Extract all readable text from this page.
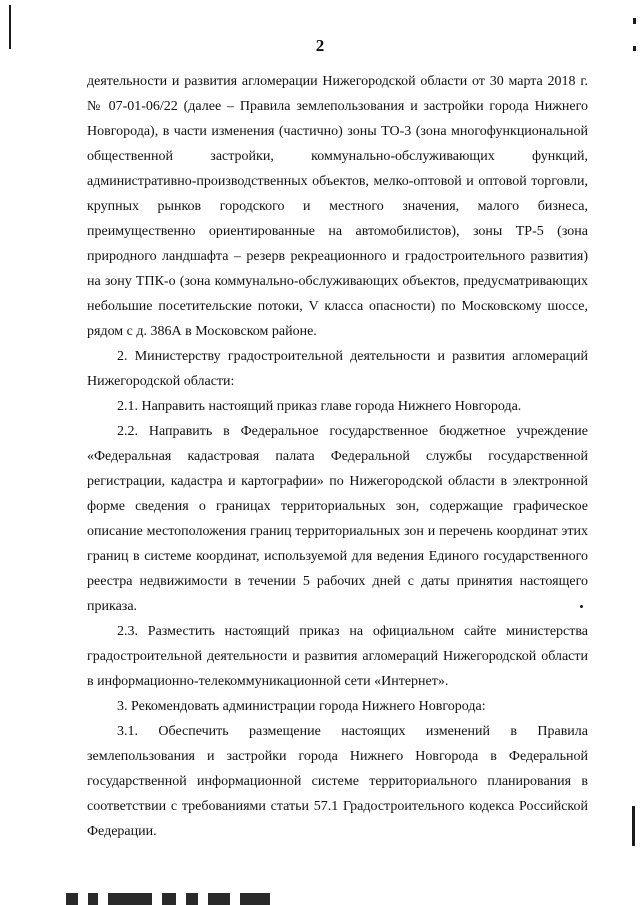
2

деятельности и развития агломерации Нижегородской области от 30 марта 2018 г. № 07-01-06/22 (далее – Правила землепользования и застройки города Нижнего Новгорода), в части изменения (частично) зоны ТО-3 (зона многофункциональной общественной застройки, коммунально-обслуживающих функций, административно-производственных объектов, мелко-оптовой и оптовой торговли, крупных рынков городского и местного значения, малого бизнеса, преимущественно ориентированные на автомобилистов), зоны ТР-5 (зона природного ландшафта – резерв рекреационного и градостроительного развития) на зону ТПК-о (зона коммунально-обслуживающих объектов, предусматривающих небольшие посетительские потоки, V класса опасности) по Московскому шоссе, рядом с д. 386А в Московском районе.

2. Министерству градостроительной деятельности и развития агломераций Нижегородской области:

2.1. Направить настоящий приказ главе города Нижнего Новгорода.

2.2. Направить в Федеральное государственное бюджетное учреждение «Федеральная кадастровая палата Федеральной службы государственной регистрации, кадастра и картографии» по Нижегородской области в электронной форме сведения о границах территориальных зон, содержащие графическое описание местоположения границ территориальных зон и перечень координат этих границ в системе координат, используемой для ведения Единого государственного реестра недвижимости в течении 5 рабочих дней с даты принятия настоящего приказа.

2.3. Разместить настоящий приказ на официальном сайте министерства градостроительной деятельности и развития агломераций Нижегородской области в информационно-телекоммуникационной сети «Интернет».

3. Рекомендовать администрации города Нижнего Новгорода:

3.1. Обеспечить размещение настоящих изменений в Правила землепользования и застройки города Нижнего Новгорода в Федеральной государственной информационной системе территориального планирования в соответствии с требованиями статьи 57.1 Градостроительного кодекса Российской Федерации.
